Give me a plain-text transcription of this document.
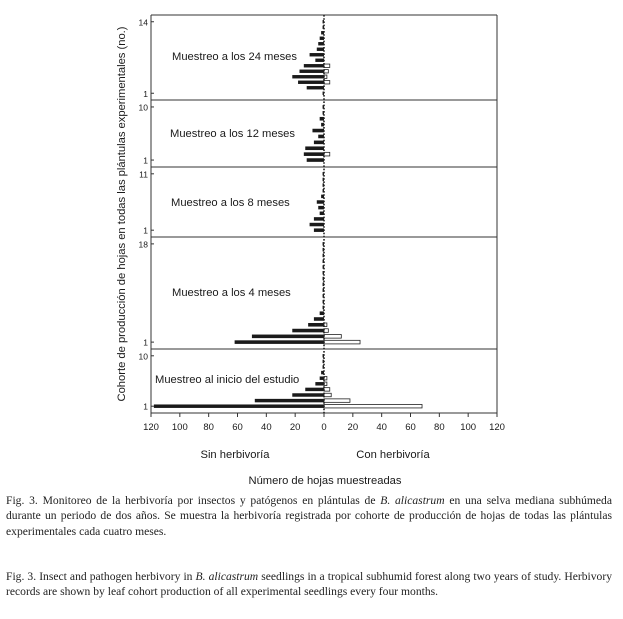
14
1
Muestreo a los 24 meses
10
1
Muestreo a los 12 meses
11
1
Muestreo a los 8 meses
18
1
Muestreo a los 4 meses
10
1
Muestreo al inicio del estudio
120 100 80 60 40 20 0 20 40 60 80 100 120
Sin herbivoría	Con herbivoría
Número de hojas muestreadas
Cohorte de producción de hojas en todas las plántulas experimentales (no.)

Fig. 3. Monitoreo de la herbivoría por insectos y patógenos en plántulas de B. alicastrum en una selva mediana subhúmeda durante un periodo de dos años. Se muestra la herbivoría registrada por cohorte de producción de hojas de todas las plántulas experimentales cada cuatro meses.

Fig. 3. Insect and pathogen herbivory in B. alicastrum seedlings in a tropical subhumid forest along two years of study. Herbivory records are shown by leaf cohort production of all experimental seedlings every four months.
